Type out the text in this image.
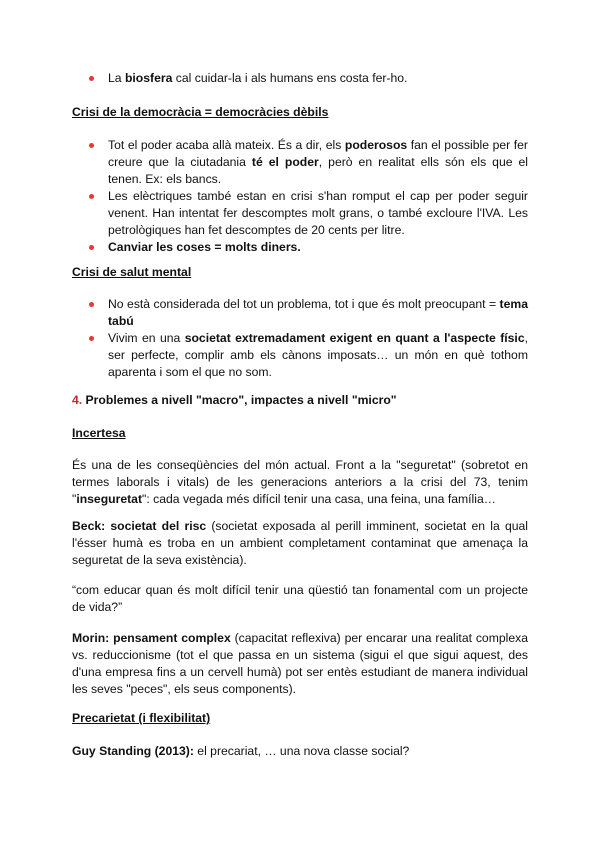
La biosfera cal cuidar-la i als humans ens costa fer-ho.
Crisi de la democràcia = democràcies dèbils
Tot el poder acaba allà mateix. És a dir, els poderosos fan el possible per fer creure que la ciutadania té el poder, però en realitat ells són els que el tenen. Ex: els bancs.
Les elèctriques també estan en crisi s'han romput el cap per poder seguir venent. Han intentat fer descomptes molt grans, o també excloure l'IVA. Les petrològiques han fet descomptes de 20 cents per litre.
Canviar les coses = molts diners.
Crisi de salut mental
No està considerada del tot un problema, tot i que és molt preocupant = tema tabú
Vivim en una societat extremadament exigent en quant a l'aspecte físic, ser perfecte, complir amb els cànons imposats… un món en què tothom aparenta i som el que no som.
4. Problemes a nivell "macro", impactes a nivell "micro"
Incertesa
És una de les conseqüències del món actual. Front a la "seguretat" (sobretot en termes laborals i vitals) de les generacions anteriors a la crisi del 73, tenim "inseguretat": cada vegada més difícil tenir una casa, una feina, una família…
Beck: societat del risc (societat exposada al perill imminent, societat en la qual l'ésser humà es troba en un ambient completament contaminat que amenaça la seguretat de la seva existència).
“com educar quan és molt difícil tenir una qüestió tan fonamental com un projecte de vida?”
Morin: pensament complex (capacitat reflexiva) per encarar una realitat complexa vs. reduccionisme (tot el que passa en un sistema (sigui el que sigui aquest, des d'una empresa fins a un cervell humà) pot ser entès estudiant de manera individual les seves "peces", els seus components).
Precarietat (i flexibilitat)
Guy Standing (2013): el precariat, … una nova classe social?
